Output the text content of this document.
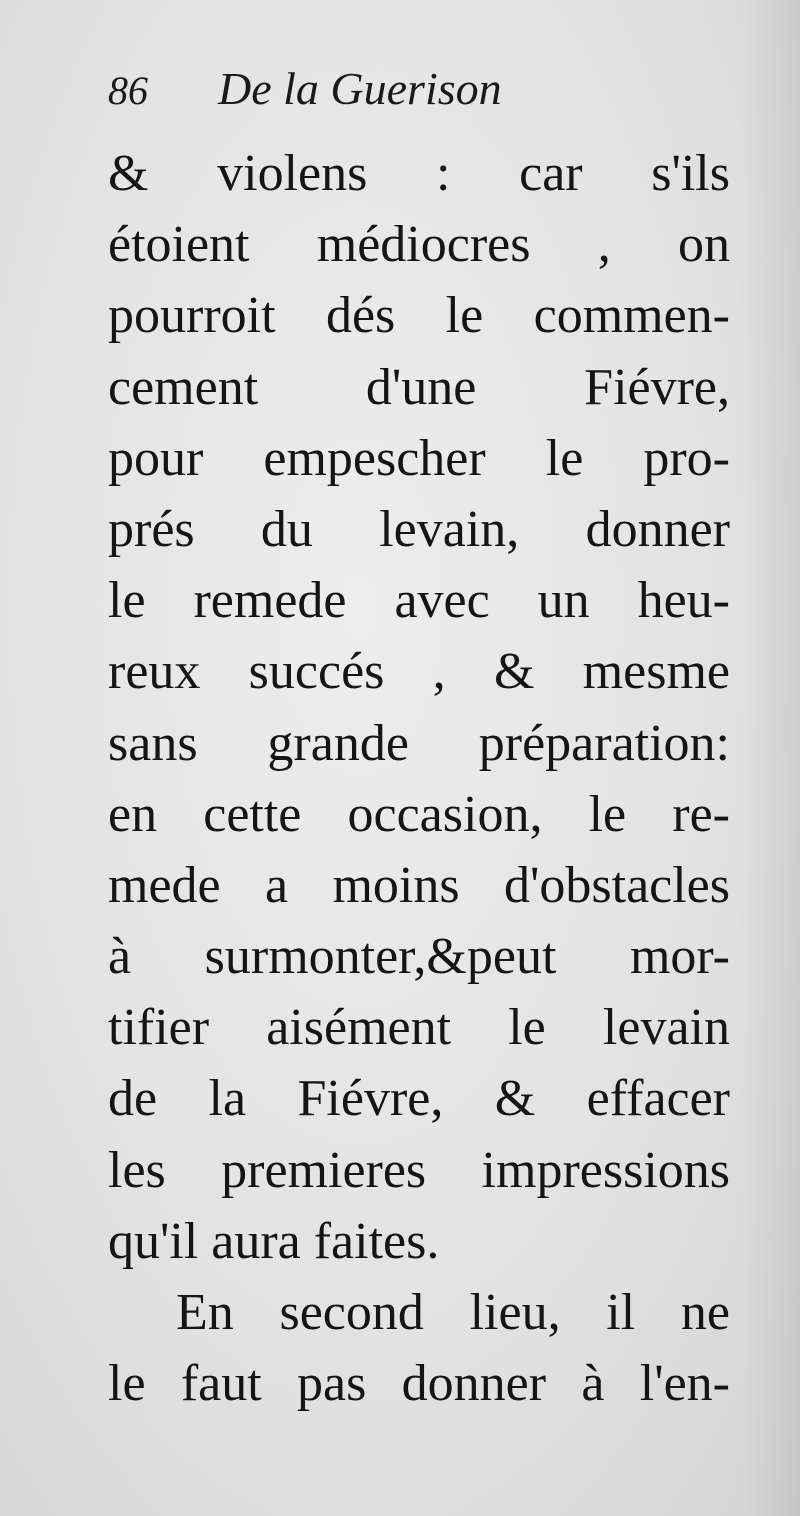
86 De la Guerison
& violens : car s'ils
étoient médiocres , on
pourroit dés le commen-
cement d'une Fiévre,
pour empescher le pro-
prés du levain, donner
le remede avec un heu-
reux succés , & mesme
sans grande préparation:
en cette occasion, le re-
mede a moins d'obstacles
à surmonter,&peut mor-
tifier aisément le levain
de la Fiévre, & effacer
les premieres impressions
qu'il aura faites.
En second lieu, il ne
le faut pas donner à l'en-
